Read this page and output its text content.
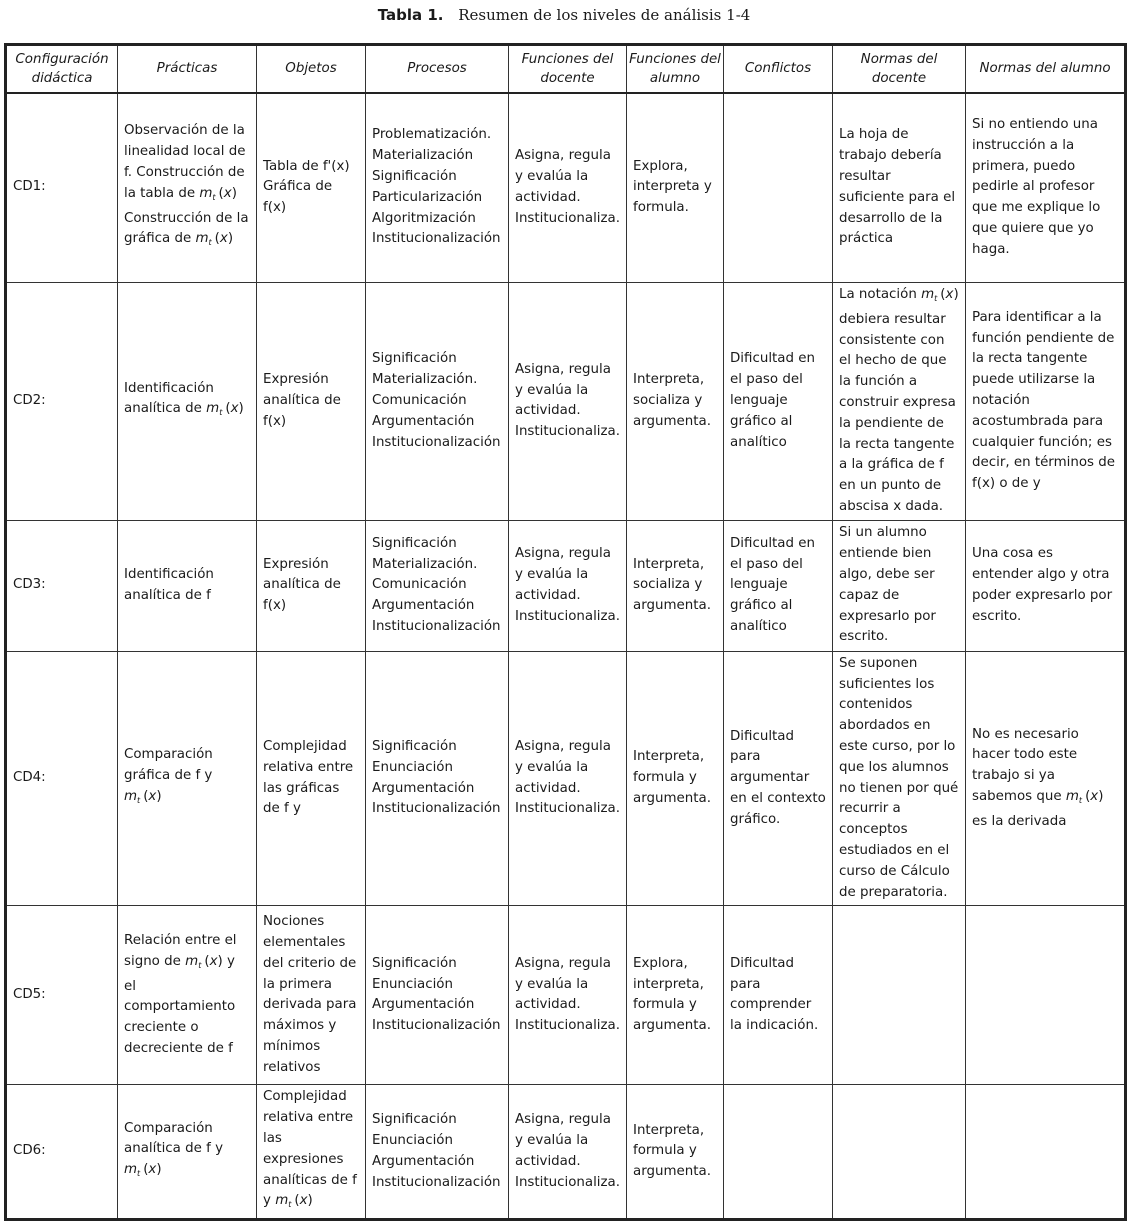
Tabla 1. Resumen de los niveles de análisis 1-4
Configuración didáctica	Prácticas	Objetos	Procesos	Funciones del docente	Funciones del alumno	Conflictos	Normas del docente	Normas del alumno
CD1:	Observación de la linealidad local de f. Construcción de la tabla de $m_t$ (x) Construcción de la gráfica de $m_t$ (x)	Tabla de f'(x) Gráfica de f(x)	Problematización. Materialización Significación Particularización Algoritmización Institucionalización	Asigna, regula y evalúa la actividad. Institucionaliza.	Explora, interpreta y formula.		La hoja de trabajo debería resultar suficiente para el desarrollo de la práctica	Si no entiendo una instrucción a la primera, puedo pedirle al profesor que me explique lo que quiere que yo haga.
CD2:	Identificación analítica de $m_t$ (x)	Expresión analítica de f(x)	Significación Materialización. Comunicación Argumentación Institucionalización	Asigna, regula y evalúa la actividad. Institucionaliza.	Interpreta, socializa y argumenta.	Dificultad en el paso del lenguaje gráfico al analítico	La notación $m_t$ (x) debiera resultar consistente con el hecho de que la función a construir expresa la pendiente de la recta tangente a la gráfica de f en un punto de abscisa x dada.	Para identificar a la función pendiente de la recta tangente puede utilizarse la notación acostumbrada para cualquier función; es decir, en términos de f(x) o de y
CD3:	Identificación analítica de f	Expresión analítica de f(x)	Significación Materialización. Comunicación Argumentación Institucionalización	Asigna, regula y evalúa la actividad. Institucionaliza.	Interpreta, socializa y argumenta.	Dificultad en el paso del lenguaje gráfico al analítico	Si un alumno entiende bien algo, debe ser capaz de expresarlo por escrito.	Una cosa es entender algo y otra poder expresarlo por escrito.
CD4:	Comparación gráfica de f y $m_t$ (x)	Complejidad relativa entre las gráficas de f y	Significación Enunciación Argumentación Institucionalización	Asigna, regula y evalúa la actividad. Institucionaliza.	Interpreta, formula y argumenta.	Dificultad para argumentar en el contexto gráfico.	Se suponen suficientes los contenidos abordados en este curso, por lo que los alumnos no tienen por qué recurrir a conceptos estudiados en el curso de Cálculo de preparatoria.	No es necesario hacer todo este trabajo si ya sabemos que $m_t$ (x) es la derivada
CD5:	Relación entre el signo de $m_t$ (x) y el comportamiento creciente o decreciente de f	Nociones elementales del criterio de la primera derivada para máximos y mínimos relativos	Significación Enunciación Argumentación Institucionalización	Asigna, regula y evalúa la actividad. Institucionaliza.	Explora, interpreta, formula y argumenta.	Dificultad para comprender la indicación.		
CD6:	Comparación analítica de f y $m_t$ (x)	Complejidad relativa entre las expresiones analíticas de f y $m_t$ (x)	Significación Enunciación Argumentación Institucionalización	Asigna, regula y evalúa la actividad. Institucionaliza.	Interpreta, formula y argumenta.			
